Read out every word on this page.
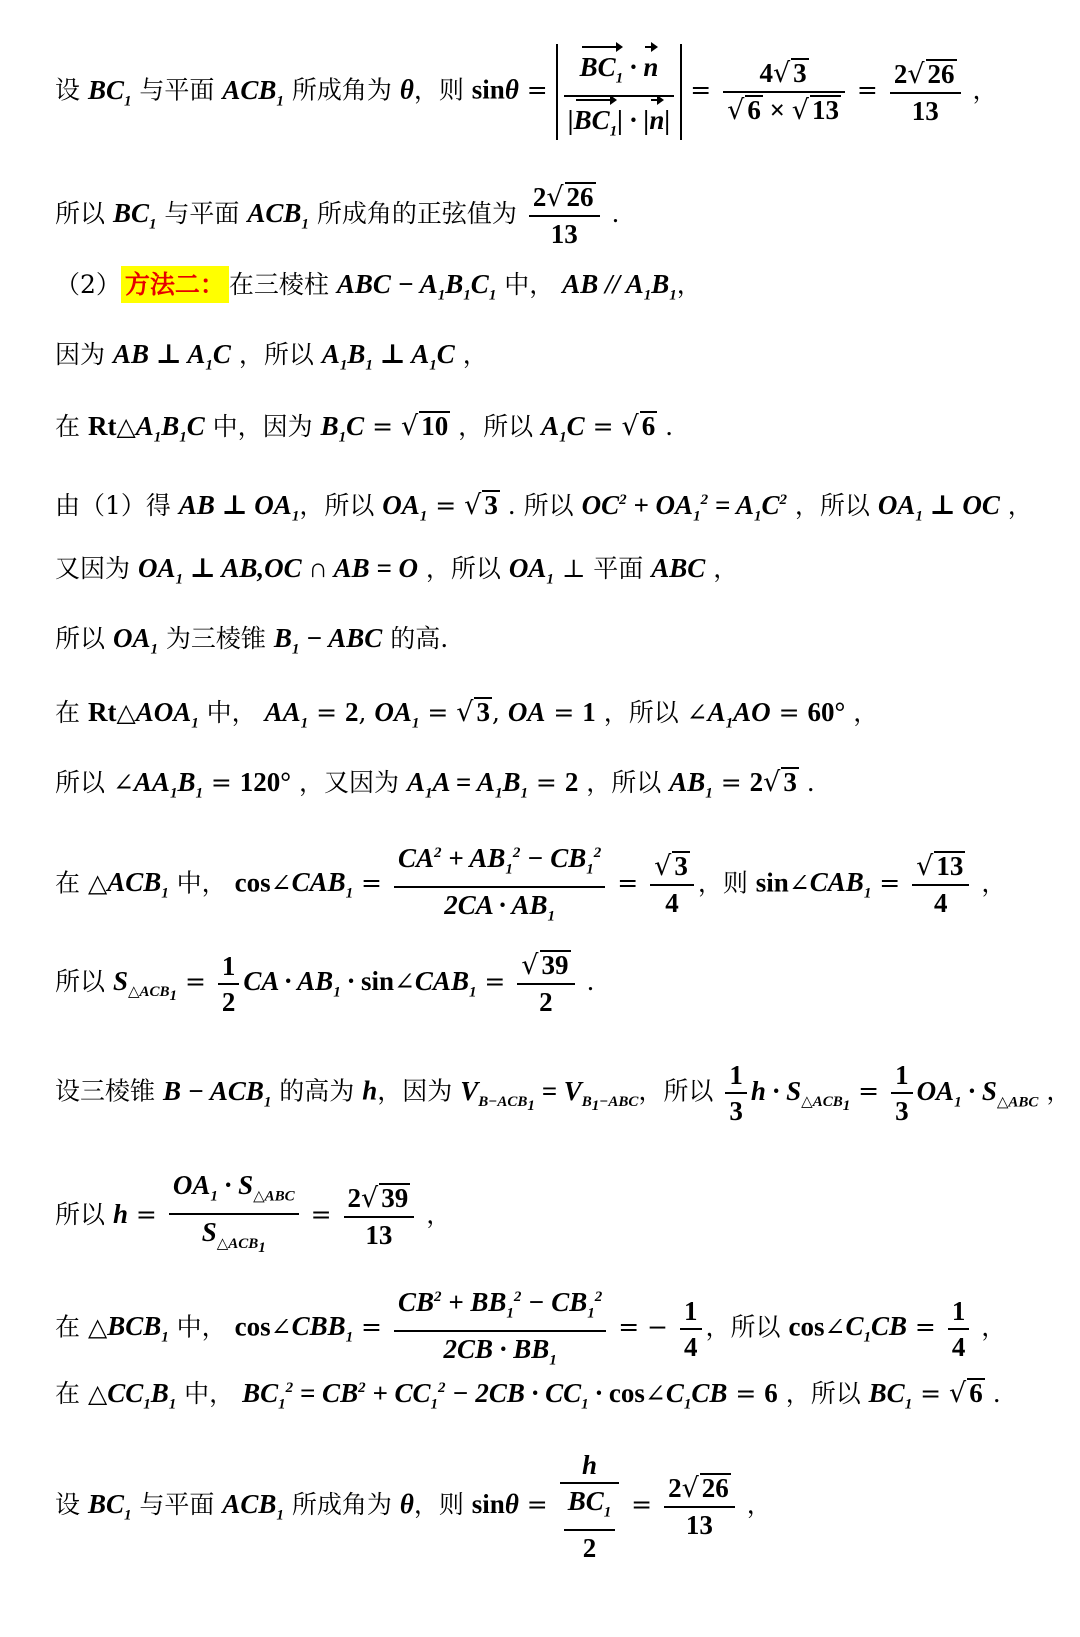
设 $BC_1$ 与平面 $ACB_1$ 所成角为 θ，则 $\sin\theta = \frac{BC_1 \cdot n}{|BC_1| \cdot |n|} = \frac{4√ 3}{√ 6 \times √ 13} = \frac{2√ 26}{13}$ ，
所以 $BC_1$ 与平面 $ACB_1$ 所成角的正弦值为 $\frac{2√ 26}{13}$ .
（2） 方法二： 在三棱柱 ABC − $A_1B_1C_1$ 中， AB // $A_1B_1$，
因为 AB ⊥ $A_1C$ ，所以 $A_1B_1$ ⊥ $A_1C$ ，
在 $Rt\triangle A_1B_1C$ 中，因为 $B_1C$ = √ 10 ，所以 $A_1C$ = √ 6 .
由（1）得 AB ⊥ $OA_1$，所以 $OA_1$ = √ 3 . 所以 $OC^2 + OA_1^2 = A_1C^2$ ，所以 $OA_1$ ⊥ OC ，
又因为 $OA_1$ ⊥ AB,OC ∩ AB = O ，所以 $OA_1$ ⊥ 平面 ABC ，
所以 $OA_1$ 为三棱锥 $B_1$ − ABC 的高.
在 $Rt\triangle AOA_1$ 中， $AA_1 = 2$, $OA_1$ = √ 3, OA = 1 ，所以 $\angle A_1AO = 60^\circ$ ，
所以 $\angle AA_1B_1 = 120^\circ$ ，又因为 $A_1A = A_1B_1 = 2$ ，所以 $AB_1 = 2√$ 3 .
在 $\triangle ACB_1$ 中， $\cos\angle CAB_1 = \frac{CA^2 + AB_1^2 - CB_1^2}{2CA \cdot AB_1} = \frac{√ 3}{4}$ ，则 $\sin\angle CAB_1 = \frac{√ 13}{4}$ ，
所以 $S_{\triangle ACB_1} = \frac{1}{2}$ CA · $AB_1$ · $\sin\angle CAB_1 = \frac{√ 39}{2}$ .
设三棱锥 $B - ACB_1$ 的高为 h，因为 $V_{B-ACB_1} = V_{B_1-ABC}$，所以 $\frac{1}{3}$ $h \cdot S_{\triangle ACB_1} = \frac{1}{3} OA_1 \cdot S_{\triangle ABC}$ ，
所以 $h = \frac{OA_1 \cdot S_{\triangle ABC}}{S_{\triangle ACB_1}} = \frac{2√ 39}{13}$ ，
在 $\triangle BCB_1$ 中， $\cos\angle CBB_1 = \frac{CB^2 + BB_1^2 - CB_1^2}{2CB \cdot BB_1}$ = − $\frac{1}{4}$ ，所以 $\cos\angle C_1CB = \frac{1}{4}$ ，
在 $\triangle CC_1B_1$ 中， $BC_1^2 = CB^2 + CC_1^2 - 2CB \cdot CC_1$ · $\cos\angle C_1CB = 6$ ，所以 $BC_1$ = √ 6 .
设 $BC_1$ 与平面 $ACB_1$ 所成角为 θ，则 $\sin\theta = \frac{h}{\frac{BC_1}{2}} = \frac{2√ 26}{13}$ ，
